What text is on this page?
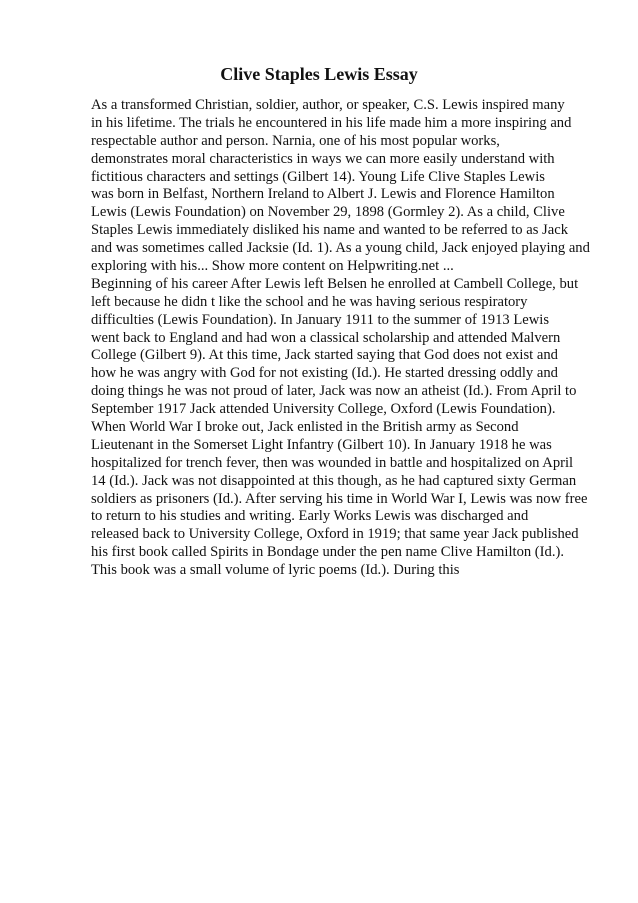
Clive Staples Lewis Essay
As a transformed Christian, soldier, author, or speaker, C.S. Lewis inspired many
in his lifetime. The trials he encountered in his life made him a more inspiring and
respectable author and person. Narnia, one of his most popular works,
demonstrates moral characteristics in ways we can more easily understand with
fictitious characters and settings (Gilbert 14). Young Life Clive Staples Lewis
was born in Belfast, Northern Ireland to Albert J. Lewis and Florence Hamilton
Lewis (Lewis Foundation) on November 29, 1898 (Gormley 2). As a child, Clive
Staples Lewis immediately disliked his name and wanted to be referred to as Jack
and was sometimes called Jacksie (Id. 1). As a young child, Jack enjoyed playing and
exploring with his... Show more content on Helpwriting.net ...
Beginning of his career After Lewis left Belsen he enrolled at Cambell College, but
left because he didn t like the school and he was having serious respiratory
difficulties (Lewis Foundation). In January 1911 to the summer of 1913 Lewis
went back to England and had won a classical scholarship and attended Malvern
College (Gilbert 9). At this time, Jack started saying that God does not exist and
how he was angry with God for not existing (Id.). He started dressing oddly and
doing things he was not proud of later, Jack was now an atheist (Id.). From April to
September 1917 Jack attended University College, Oxford (Lewis Foundation).
When World War I broke out, Jack enlisted in the British army as Second
Lieutenant in the Somerset Light Infantry (Gilbert 10). In January 1918 he was
hospitalized for trench fever, then was wounded in battle and hospitalized on April
14 (Id.). Jack was not disappointed at this though, as he had captured sixty German
soldiers as prisoners (Id.). After serving his time in World War I, Lewis was now free
to return to his studies and writing. Early Works Lewis was discharged and
released back to University College, Oxford in 1919; that same year Jack published
his first book called Spirits in Bondage under the pen name Clive Hamilton (Id.).
This book was a small volume of lyric poems (Id.). During this
